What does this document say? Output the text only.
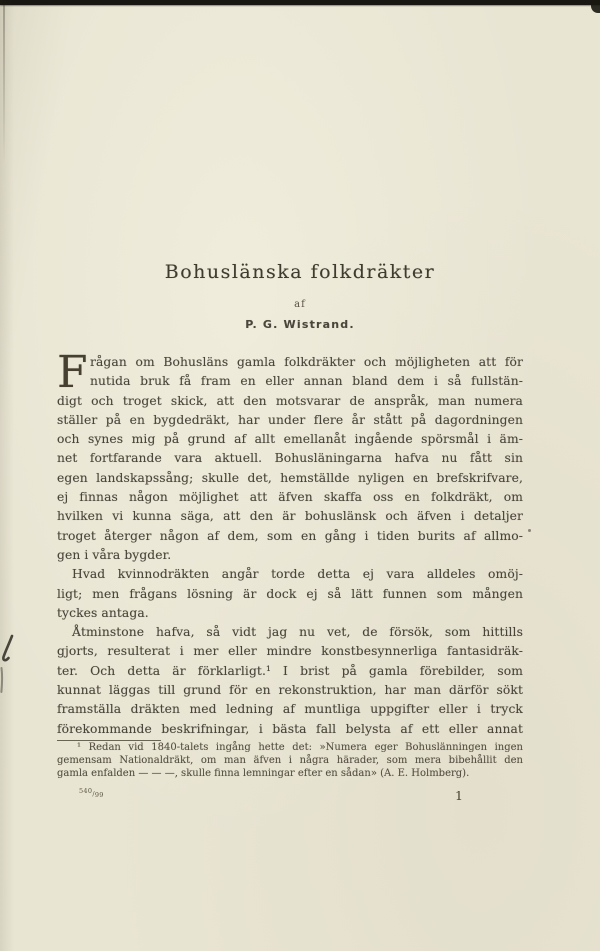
Bohuslänska folkdräkter
af
P. G. Wistrand.
F rågan om Bohusläns gamla folkdräkter och möjligheten att för
nutida bruk få fram en eller annan bland dem i så fullstän-
digt och troget skick, att den motsvarar de anspråk, man numera
ställer på en bygdedräkt, har under flere år stått på dagordningen
och synes mig på grund af allt emellanåt ingående spörsmål i äm-
net fortfarande vara aktuell. Bohusläningarna hafva nu fått sin
egen landskapssång; skulle det, hemställde nyligen en brefskrifvare,
ej finnas någon möjlighet att äfven skaffa oss en folkdräkt, om
hvilken vi kunna säga, att den är bohuslänsk och äfven i detaljer
troget återger någon af dem, som en gång i tiden burits af allmo-
gen i våra bygder.
Hvad kvinnodräkten angår torde detta ej vara alldeles omöj-
ligt; men frågans lösning är dock ej så lätt funnen som mången
tyckes antaga.
Åtminstone hafva, så vidt jag nu vet, de försök, som hittills
gjorts, resulterat i mer eller mindre konstbesynnerliga fantasidräk-
ter. Och detta är förklarligt.¹ I brist på gamla förebilder, som
kunnat läggas till grund för en rekonstruktion, har man därför sökt
framställa dräkten med ledning af muntliga uppgifter eller i tryck
förekommande beskrifningar, i bästa fall belysta af ett eller annat
¹ Redan vid 1840-talets ingång hette det: »Numera eger Bohuslänningen ingen
gemensam Nationaldräkt, om man äfven i några härader, som mera bibehållit den
gamla enfalden — — —, skulle finna lemningar efter en sådan» (A. E. Holmberg).
540/99	1
